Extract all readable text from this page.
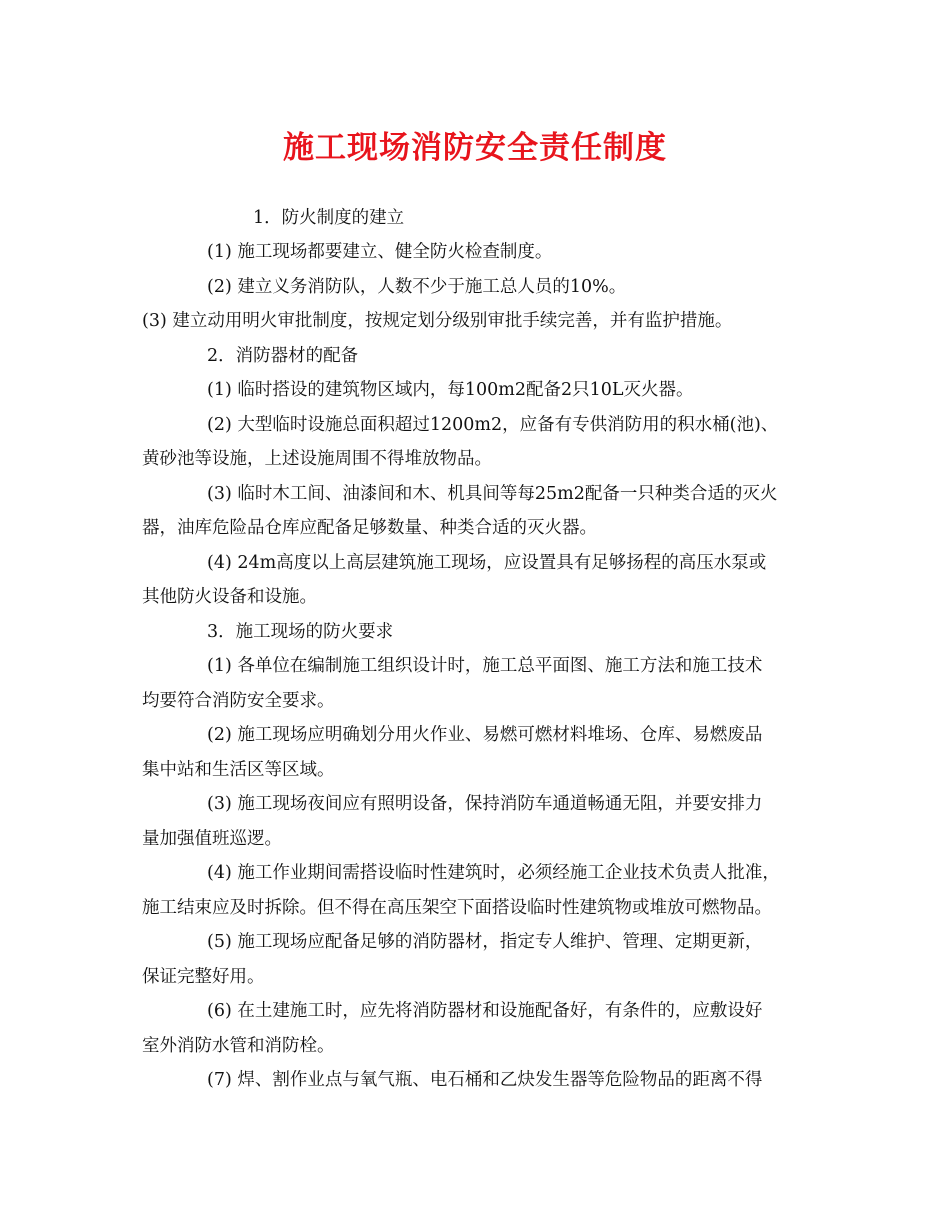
施工现场消防安全责任制度

1．防火制度的建立

(1) 施工现场都要建立、健全防火检查制度。

(2) 建立义务消防队，人数不少于施工总人员的10%。

(3) 建立动用明火审批制度，按规定划分级别审批手续完善，并有监护措施。

2．消防器材的配备

(1) 临时搭设的建筑物区域内，每100m2配备2只10L灭火器。

(2) 大型临时设施总面积超过1200m2，应备有专供消防用的积水桶(池)、

黄砂池等设施，上述设施周围不得堆放物品。

(3) 临时木工间、油漆间和木、机具间等每25m2配备一只种类合适的灭火

器，油库危险品仓库应配备足够数量、种类合适的灭火器。

(4) 24m高度以上高层建筑施工现场，应设置具有足够扬程的高压水泵或

其他防火设备和设施。

3．施工现场的防火要求

(1) 各单位在编制施工组织设计时，施工总平面图、施工方法和施工技术

均要符合消防安全要求。

(2) 施工现场应明确划分用火作业、易燃可燃材料堆场、仓库、易燃废品

集中站和生活区等区域。

(3) 施工现场夜间应有照明设备，保持消防车通道畅通无阻，并要安排力

量加强值班巡逻。

(4) 施工作业期间需搭设临时性建筑时，必须经施工企业技术负责人批准，

施工结束应及时拆除。但不得在高压架空下面搭设临时性建筑物或堆放可燃物品。

(5) 施工现场应配备足够的消防器材，指定专人维护、管理、定期更新，

保证完整好用。

(6) 在土建施工时，应先将消防器材和设施配备好，有条件的，应敷设好

室外消防水管和消防栓。

(7) 焊、割作业点与氧气瓶、电石桶和乙炔发生器等危险物品的距离不得
